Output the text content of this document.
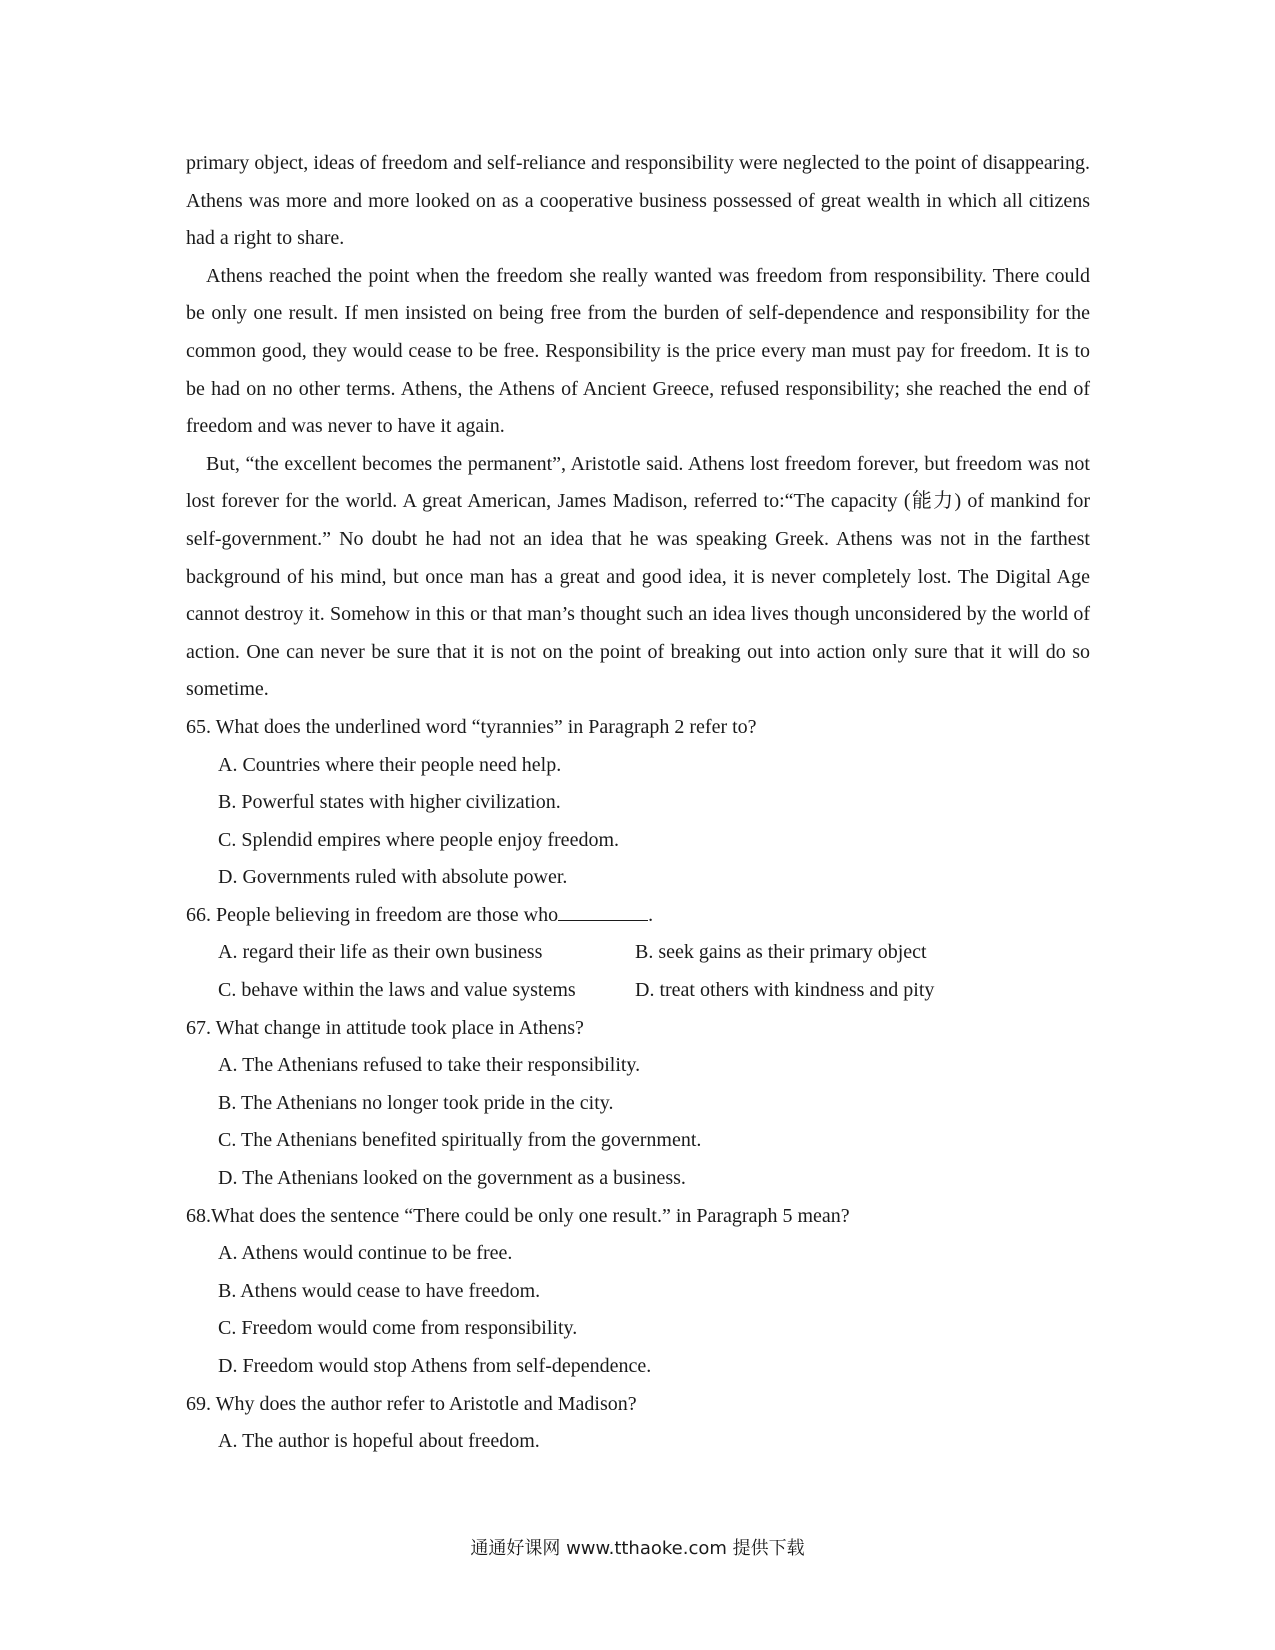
primary object, ideas of freedom and self-reliance and responsibility were neglected to the point of disappearing. Athens was more and more looked on as a cooperative business possessed of great wealth in which all citizens had a right to share.

Athens reached the point when the freedom she really wanted was freedom from responsibility. There could be only one result. If men insisted on being free from the burden of self-dependence and responsibility for the common good, they would cease to be free. Responsibility is the price every man must pay for freedom. It is to be had on no other terms. Athens, the Athens of Ancient Greece, refused responsibility; she reached the end of freedom and was never to have it again.

But, “the excellent becomes the permanent”, Aristotle said. Athens lost freedom forever, but freedom was not lost forever for the world. A great American, James Madison, referred to:“The capacity (能力) of mankind for self-government.” No doubt he had not an idea that he was speaking Greek. Athens was not in the farthest background of his mind, but once man has a great and good idea, it is never completely lost. The Digital Age cannot destroy it. Somehow in this or that man’s thought such an idea lives though unconsidered by the world of action. One can never be sure that it is not on the point of breaking out into action only sure that it will do so sometime.

65. What does the underlined word “tyrannies” in Paragraph 2 refer to?

A. Countries where their people need help.

B. Powerful states with higher civilization.

C. Splendid empires where people enjoy freedom.

D. Governments ruled with absolute power.

66. People believing in freedom are those who	.

A. regard their life as their own business	B. seek gains as their primary object
C. behave within the laws and value systems	D. treat others with kindness and pity

67. What change in attitude took place in Athens?

A. The Athenians refused to take their responsibility.

B. The Athenians no longer took pride in the city.

C. The Athenians benefited spiritually from the government.

D. The Athenians looked on the government as a business.

68.What does the sentence “There could be only one result.” in Paragraph 5 mean?

A. Athens would continue to be free.

B. Athens would cease to have freedom.

C. Freedom would come from responsibility.

D. Freedom would stop Athens from self-dependence.

69. Why does the author refer to Aristotle and Madison?

A. The author is hopeful about freedom.

通通好课网 www.tthaoke.com 提供下载
